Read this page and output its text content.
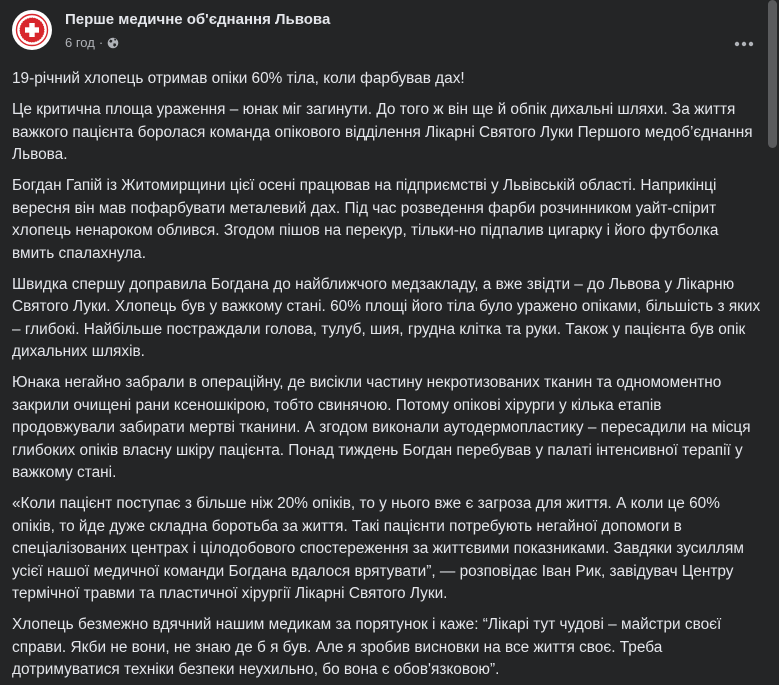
Перше медичне об'єднання Львова
6 год ·

19-річний хлопець отримав опіки 60% тіла, коли фарбував дах!

Це критична площа ураження – юнак міг загинути. До того ж він ще й обпік дихальні шляхи. За життя важкого пацієнта боролася команда опікового відділення Лікарні Святого Луки Першого медоб’єднання Львова.

Богдан Гапій із Житомирщини цієї осені працював на підприємстві у Львівській області. Наприкінці вересня він мав пофарбувати металевий дах. Під час розведення фарби розчинником уайт-спірит хлопець ненароком облився. Згодом пішов на перекур, тільки-но підпалив цигарку і його футболка вмить спалахнула.

Швидка спершу доправила Богдана до найближчого медзакладу, а вже звідти – до Львова у Лікарню Святого Луки. Хлопець був у важкому стані. 60% площі його тіла було уражено опіками, більшість з яких – глибокі. Найбільше постраждали голова, тулуб, шия, грудна клітка та руки. Також у пацієнта був опік дихальних шляхів.

Юнака негайно забрали в операційну, де висікли частину некротизованих тканин та одномоментно закрили очищені рани ксеношкірою, тобто свинячою. Потому опікові хірурги у кілька етапів продовжували забирати мертві тканини. А згодом виконали аутодермопластику – пересадили на місця глибоких опіків власну шкіру пацієнта. Понад тиждень Богдан перебував у палаті інтенсивної терапії у важкому стані.

«Коли пацієнт поступає з більше ніж 20% опіків, то у нього вже є загроза для життя. А коли це 60% опіків, то йде дуже складна боротьба за життя. Такі пацієнти потребують негайної допомоги в спеціалізованих центрах і цілодобового спостереження за життєвими показниками. Завдяки зусиллям усієї нашої медичної команди Богдана вдалося врятувати”, — розповідає Іван Рик, завідувач Центру термічної травми та пластичної хірургії Лікарні Святого Луки.

Хлопець безмежно вдячний нашим медикам за порятунок і каже: “Лікарі тут чудові – майстри своєї справи. Якби не вони, не знаю де б я був. Але я зробив висновки на все життя своє. Треба дотримуватися техніки безпеки неухильно, бо вона є обов'язковою”.
